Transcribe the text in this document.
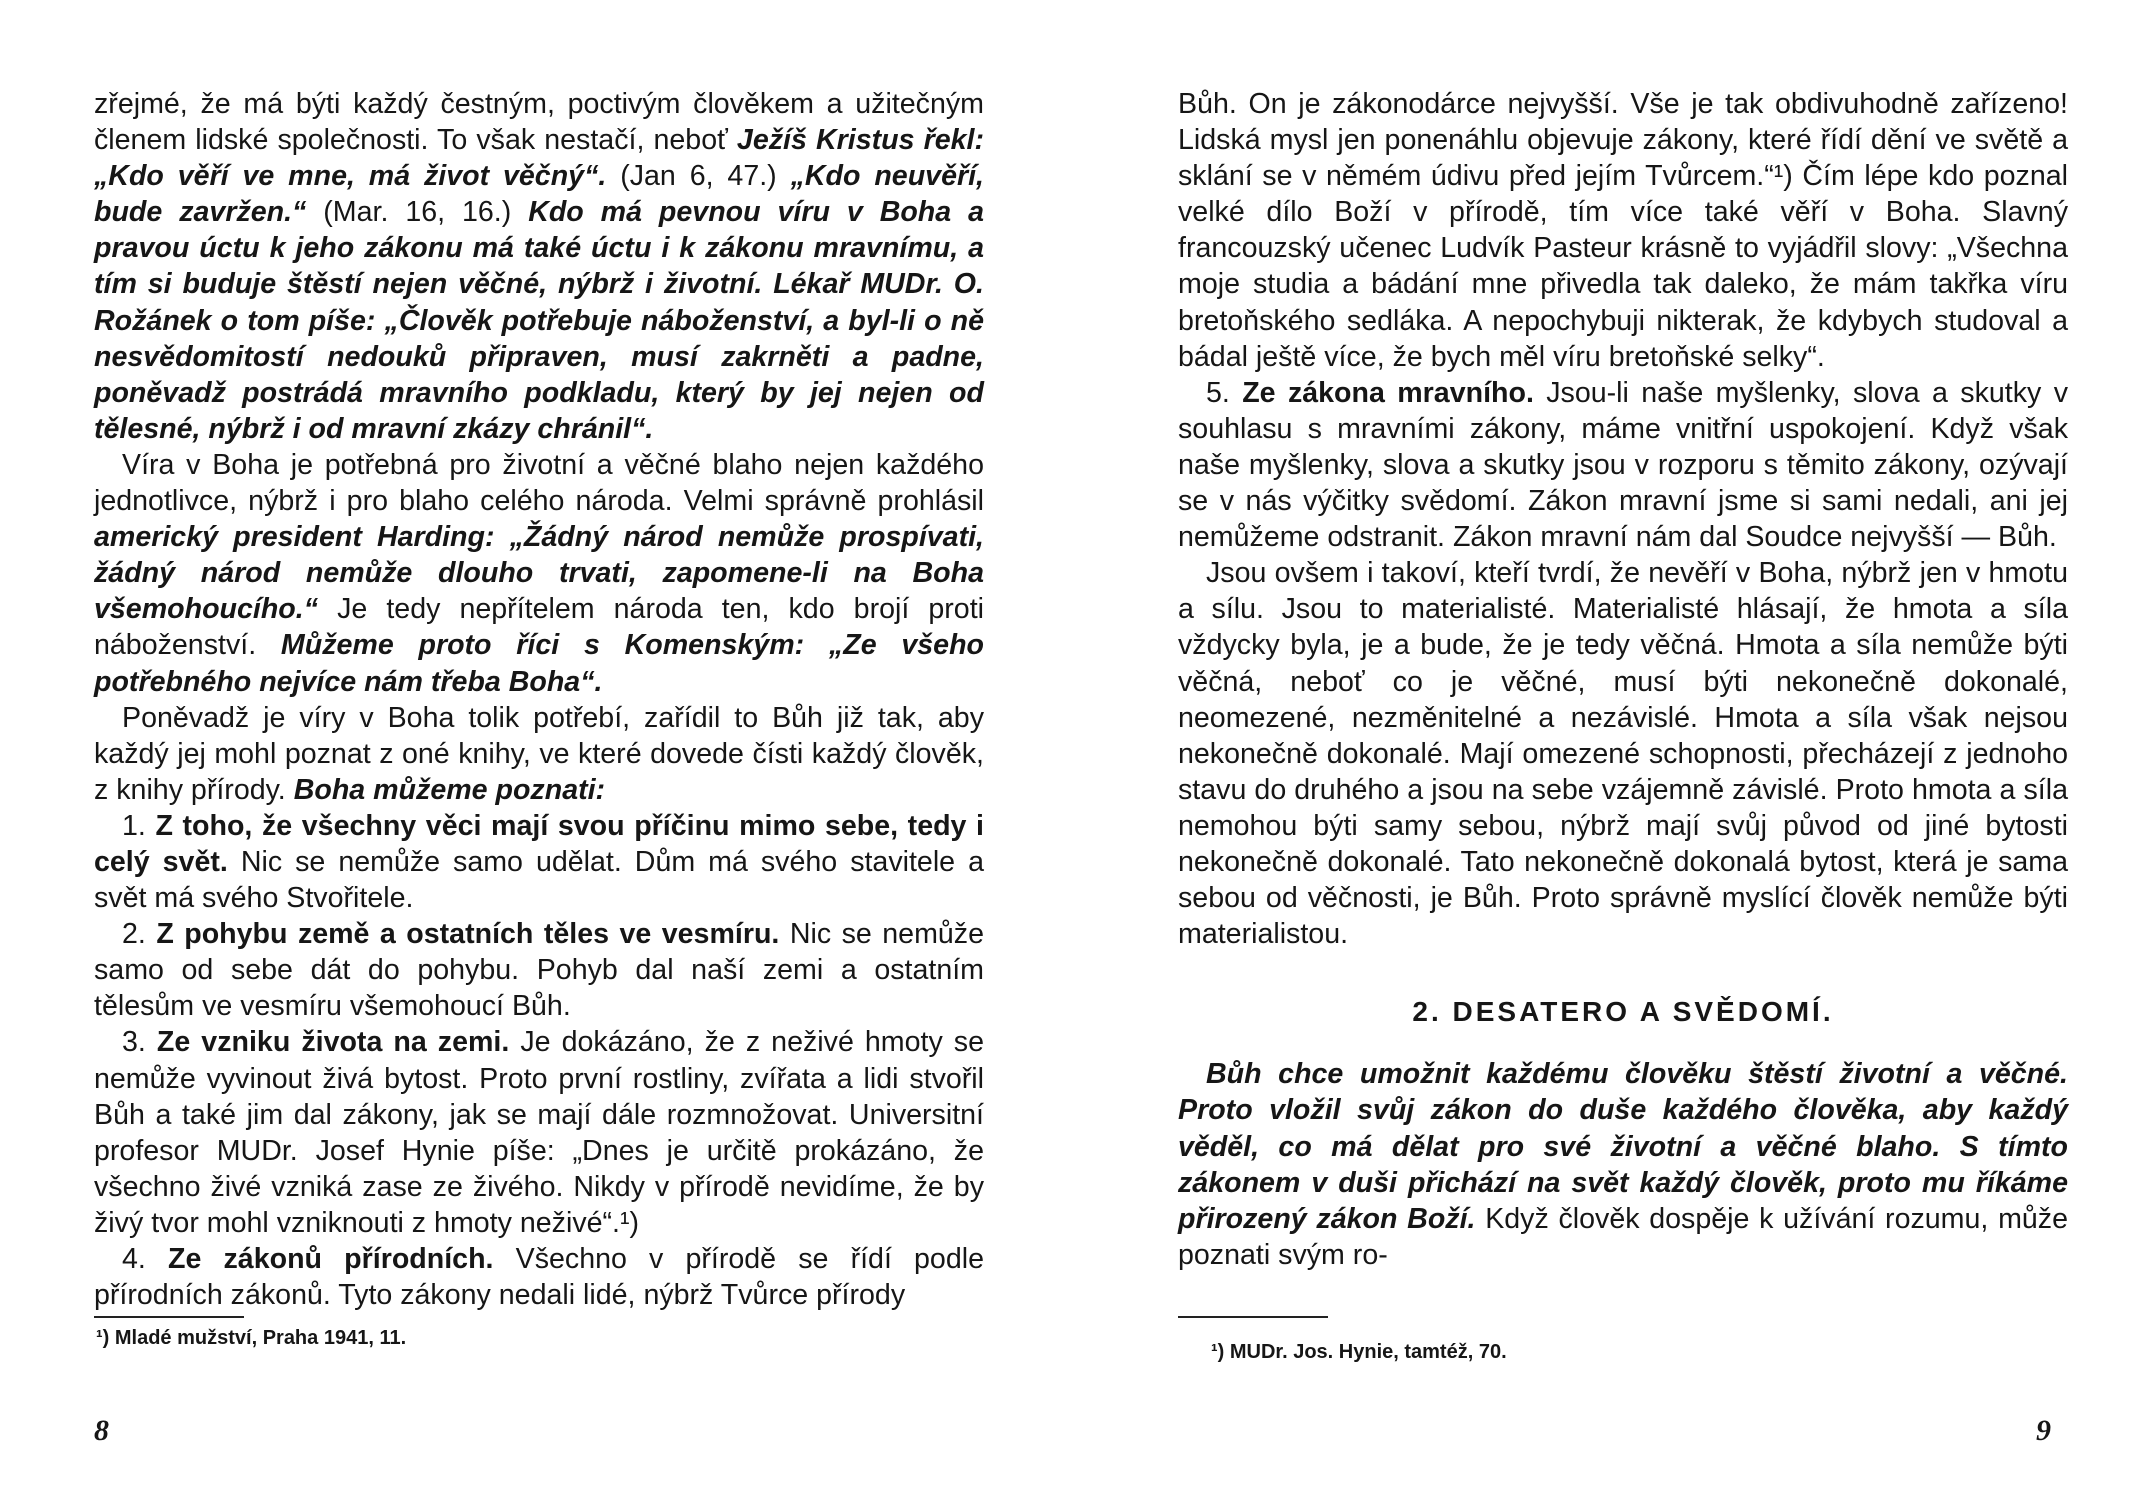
zřejmé, že má býti každý čestným, poctivým člověkem a užitečným členem lidské společnosti. To však nestačí, neboť Ježíš Kristus řekl: „Kdo věří ve mne, má život věčný“. (Jan 6, 47.) „Kdo neuvěří, bude zavržen.“ (Mar. 16, 16.) Kdo má pevnou víru v Boha a pravou úctu k jeho zákonu má také úctu i k zákonu mravnímu, a tím si buduje štěstí nejen věčné, nýbrž i životní. Lékař MUDr. O. Rožánek o tom píše: „Člověk potřebuje náboženství, a byl-li o ně nesvědomitostí nedouků připraven, musí zakrněti a padne, poněvadž postrádá mravního podkladu, který by jej nejen od tělesné, nýbrž i od mravní zkázy chránil“.

Víra v Boha je potřebná pro životní a věčné blaho nejen každého jednotlivce, nýbrž i pro blaho celého národa. Velmi správně prohlásil americký president Harding: „Žádný národ nemůže prospívati, žádný národ nemůže dlouho trvati, zapomene-li na Boha všemohoucího.“ Je tedy nepřítelem národa ten, kdo brojí proti náboženství. Můžeme proto říci s Komenským: „Ze všeho potřebného nejvíce nám třeba Boha“.

Poněvadž je víry v Boha tolik potřebí, zařídil to Bůh již tak, aby každý jej mohl poznat z oné knihy, ve které dovede čísti každý člověk, z knihy přírody. Boha můžeme poznati:

1. Z toho, že všechny věci mají svou příčinu mimo sebe, tedy i celý svět. Nic se nemůže samo udělat. Dům má svého stavitele a svět má svého Stvořitele.

2. Z pohybu země a ostatních těles ve vesmíru. Nic se nemůže samo od sebe dát do pohybu. Pohyb dal naší zemi a ostatním tělesům ve vesmíru všemohoucí Bůh.

3. Ze vzniku života na zemi. Je dokázáno, že z neživé hmoty se nemůže vyvinout živá bytost. Proto první rostliny, zvířata a lidi stvořil Bůh a také jim dal zákony, jak se mají dále rozmnožovat. Universitní profesor MUDr. Josef Hynie píše: „Dnes je určitě prokázáno, že všechno živé vzniká zase ze živého. Nikdy v přírodě nevidíme, že by živý tvor mohl vzniknouti z hmoty neživé“.¹)

4. Ze zákonů přírodních. Všechno v přírodě se řídí podle přírodních zákonů. Tyto zákony nedali lidé, nýbrž Tvůrce přírody

¹) Mladé mužství, Praha 1941, 11.
8

Bůh. On je zákonodárce nejvyšší. Vše je tak obdivuhodně zařízeno! Lidská mysl jen ponenáhlu objevuje zákony, které řídí dění ve světě a sklání se v němém údivu před jejím Tvůrcem.“¹) Čím lépe kdo poznal velké dílo Boží v přírodě, tím více také věří v Boha. Slavný francouzský učenec Ludvík Pasteur krásně to vyjádřil slovy: „Všechna moje studia a bádání mne přivedla tak daleko, že mám takřka víru bretoňského sedláka. A nepochybuji nikterak, že kdybych studoval a bádal ještě více, že bych měl víru bretoňské selky“.

5. Ze zákona mravního. Jsou-li naše myšlenky, slova a skutky v souhlasu s mravními zákony, máme vnitřní uspokojení. Když však naše myšlenky, slova a skutky jsou v rozporu s těmito zákony, ozývají se v nás výčitky svědomí. Zákon mravní jsme si sami nedali, ani jej nemůžeme odstranit. Zákon mravní nám dal Soudce nejvyšší — Bůh.

Jsou ovšem i takoví, kteří tvrdí, že nevěří v Boha, nýbrž jen v hmotu a sílu. Jsou to materialisté. Materialisté hlásají, že hmota a síla vždycky byla, je a bude, že je tedy věčná. Hmota a síla nemůže býti věčná, neboť co je věčné, musí býti nekonečně dokonalé, neomezené, nezměnitelné a nezávislé. Hmota a síla však nejsou nekonečně dokonalé. Mají omezené schopnosti, přecházejí z jednoho stavu do druhého a jsou na sebe vzájemně závislé. Proto hmota a síla nemohou býti samy sebou, nýbrž mají svůj původ od jiné bytosti nekonečně dokonalé. Tato nekonečně dokonalá bytost, která je sama sebou od věčnosti, je Bůh. Proto správně myslící člověk nemůže býti materialistou.

2. DESATERO A SVĚDOMÍ.

Bůh chce umožnit každému člověku štěstí životní a věčné. Proto vložil svůj zákon do duše každého člověka, aby každý věděl, co má dělat pro své životní a věčné blaho. S tímto zákonem v duši přichází na svět každý člověk, proto mu říkáme přirozený zákon Boží. Když člověk dospěje k užívání rozumu, může poznati svým ro-

¹) MUDr. Jos. Hynie, tamtéž, 70.
9
